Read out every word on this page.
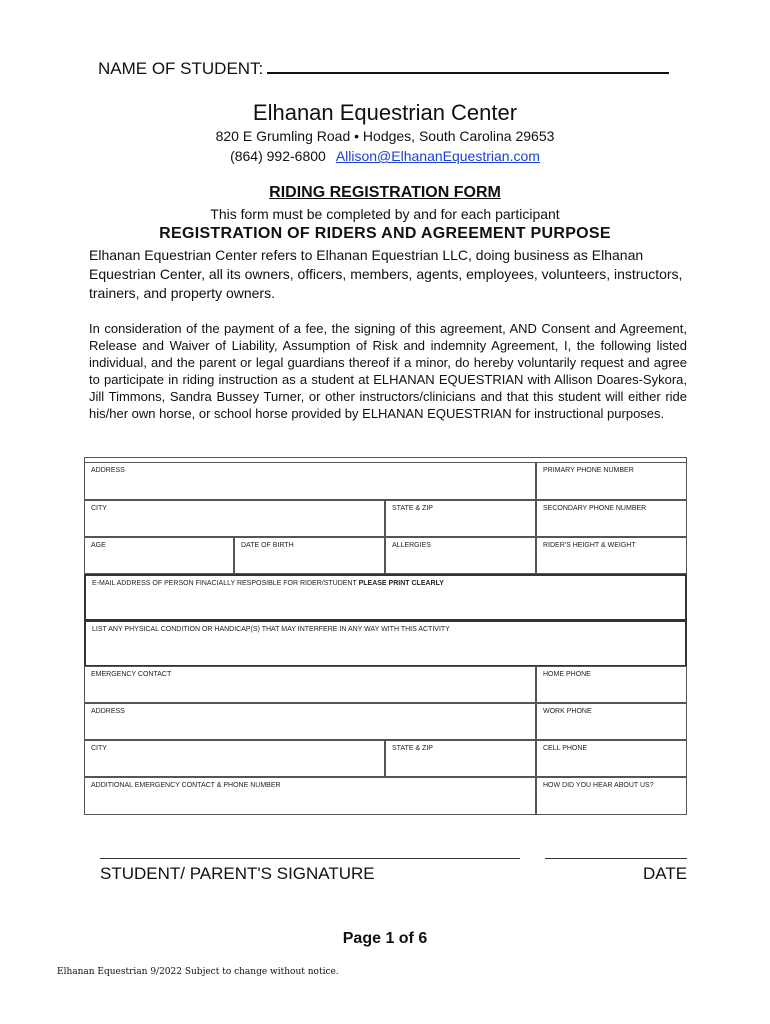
NAME OF STUDENT:
Elhanan Equestrian Center
820 E Grumling Road • Hodges, South Carolina 29653
(864) 992-6800 Allison@ElhananEquestrian.com
RIDING REGISTRATION FORM
This form must be completed by and for each participant
REGISTRATION OF RIDERS AND AGREEMENT PURPOSE
Elhanan Equestrian Center refers to Elhanan Equestrian LLC, doing business as Elhanan Equestrian Center, all its owners, officers, members, agents, employees, volunteers, instructors, trainers, and property owners.
In consideration of the payment of a fee, the signing of this agreement, AND Consent and Agreement, Release and Waiver of Liability, Assumption of Risk and indemnity Agreement, I, the following listed individual, and the parent or legal guardians thereof if a minor, do hereby voluntarily request and agree to participate in riding instruction as a student at ELHANAN EQUESTRIAN with Allison Doares-Sykora, Jill Timmons, Sandra Bussey Turner, or other instructors/clinicians and that this student will either ride his/her own horse, or school horse provided by ELHANAN EQUESTRIAN for instructional purposes.
ADDRESS	PRIMARY PHONE NUMBER
CITY	STATE & ZIP	SECONDARY PHONE NUMBER
AGE	DATE OF BIRTH	ALLERGIES	RIDER'S HEIGHT & WEIGHT
E-MAIL ADDRESS OF PERSON FINACIALLY RESPOSIBLE FOR RIDER/STUDENT PLEASE PRINT CLEARLY
LIST ANY PHYSICAL CONDITION OR HANDICAP(S) THAT MAY INTERFERE IN ANY WAY WITH THIS ACTIVITY
EMERGENCY CONTACT	HOME PHONE
ADDRESS	WORK PHONE
CITY	STATE & ZIP	CELL PHONE
ADDITIONAL EMERGENCY CONTACT & PHONE NUMBER	HOW DID YOU HEAR ABOUT US?
STUDENT/ PARENT'S SIGNATURE	DATE
Page 1 of 6
Elhanan Equestrian 9/2022 Subject to change without notice.
